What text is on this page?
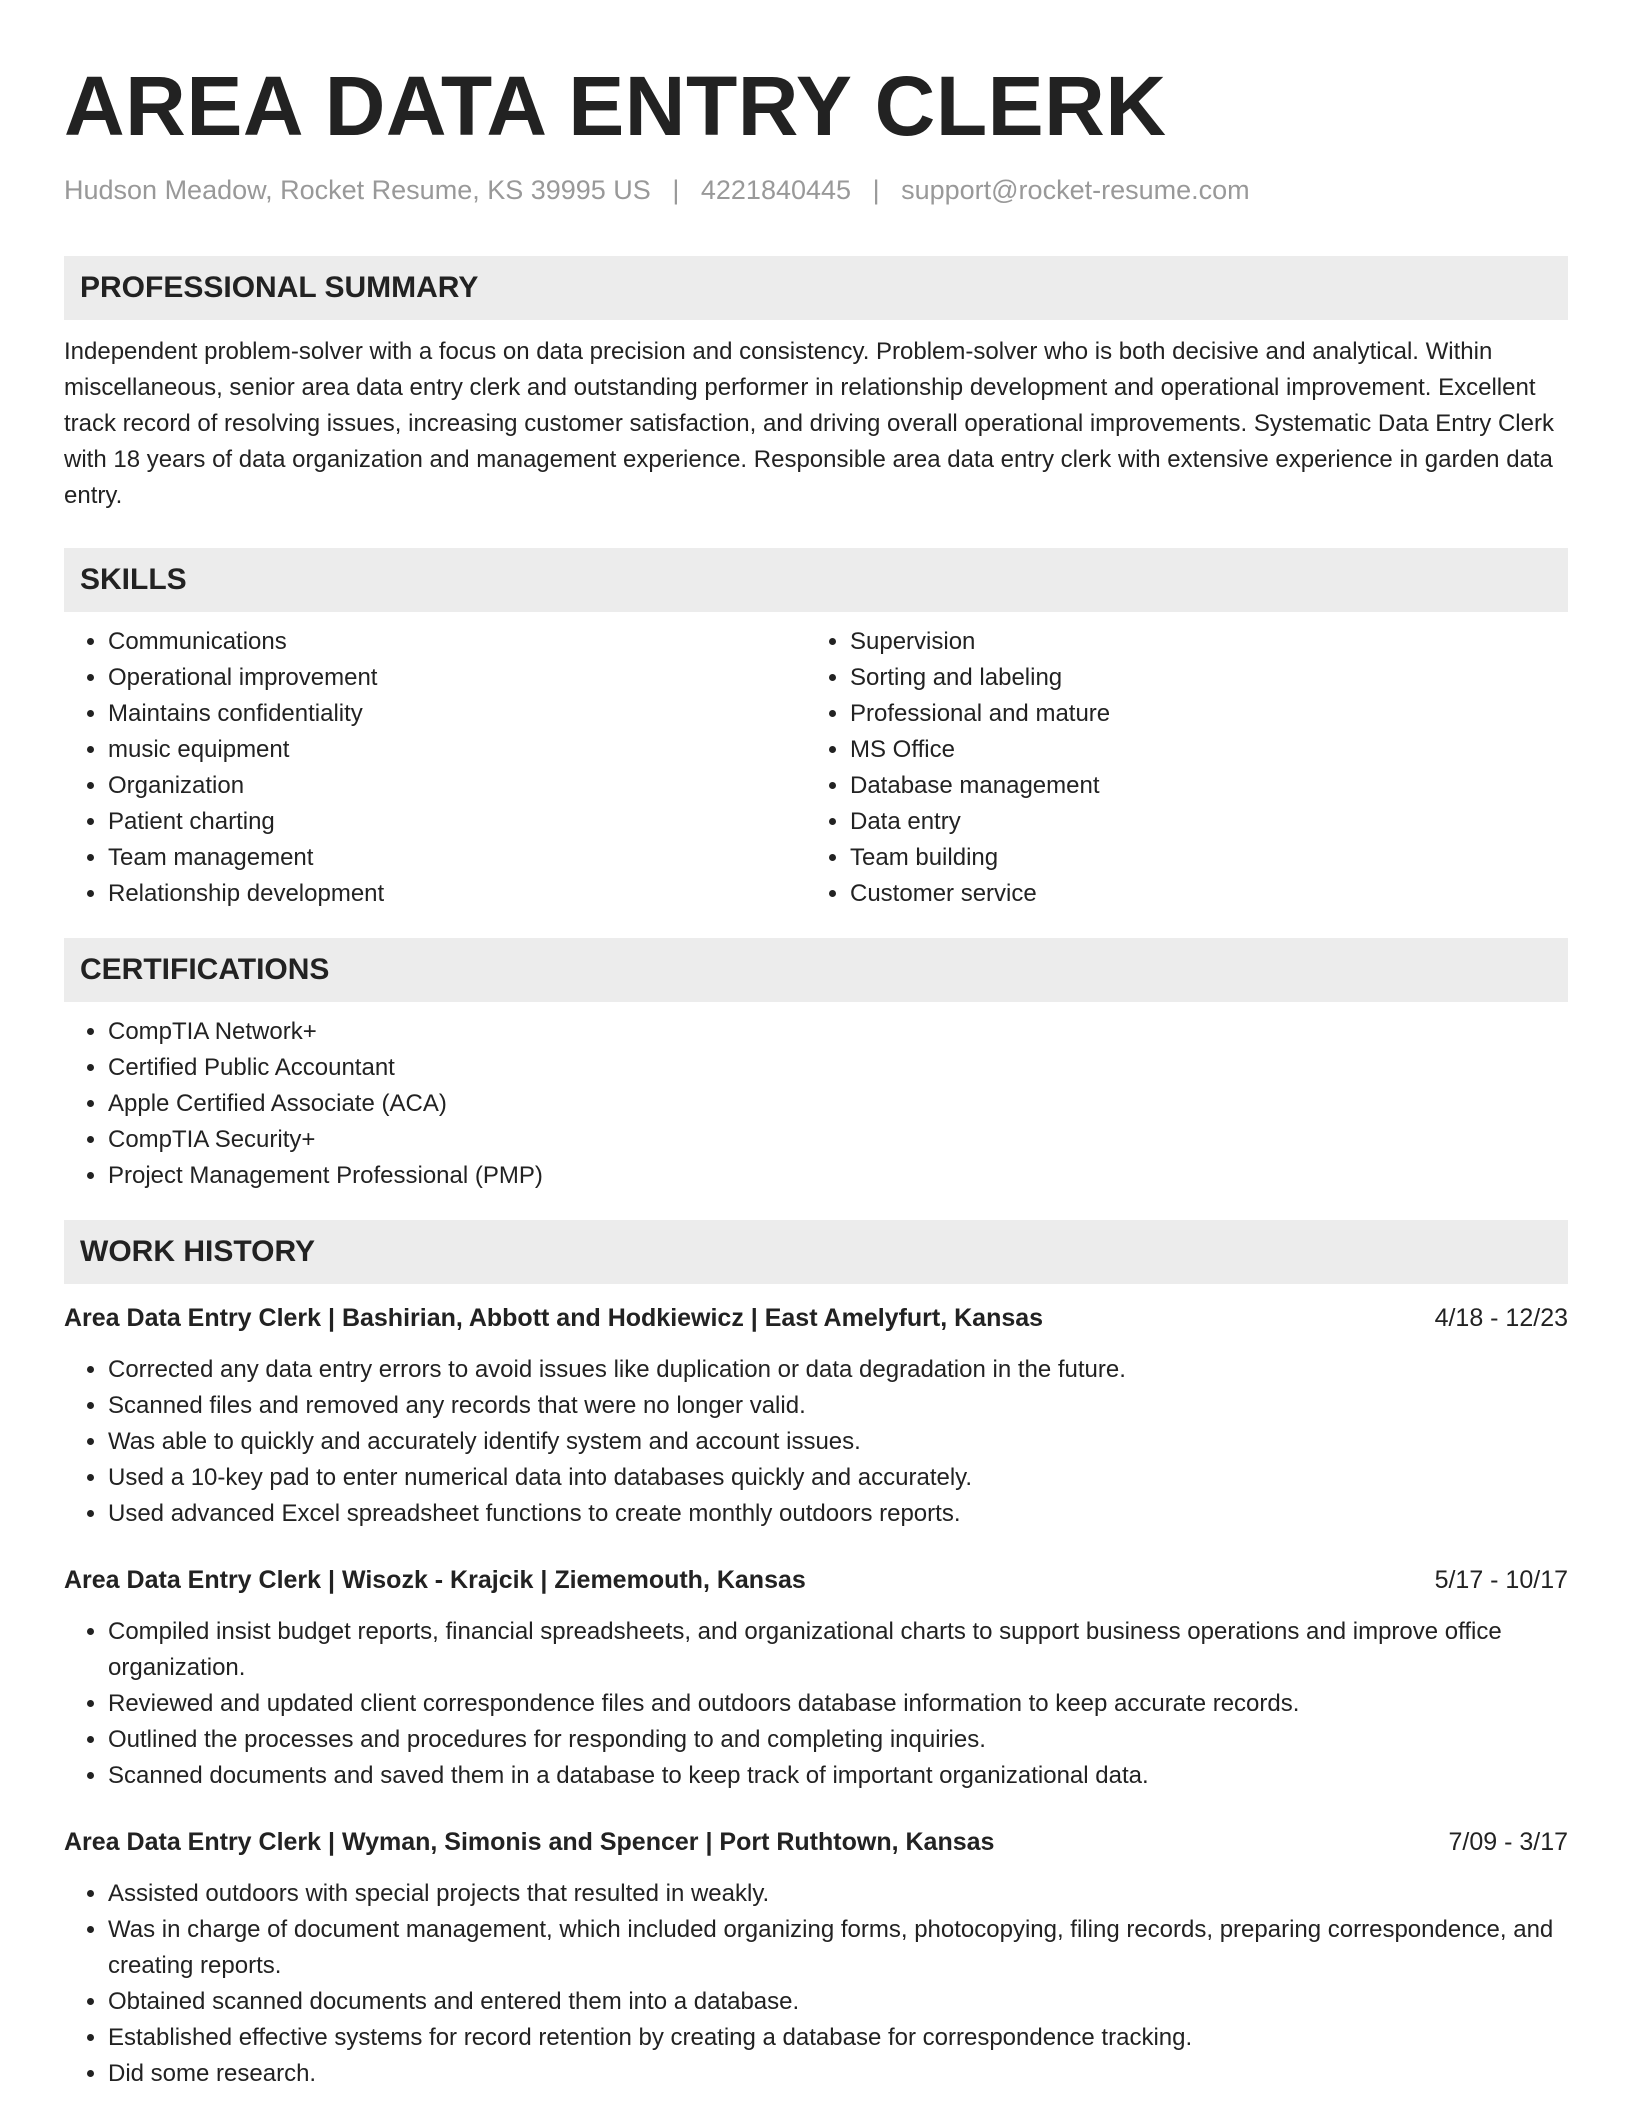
AREA DATA ENTRY CLERK
Hudson Meadow, Rocket Resume, KS 39995 US | 4221840445 | support@rocket-resume.com
PROFESSIONAL SUMMARY

Independent problem-solver with a focus on data precision and consistency. Problem-solver who is both decisive and analytical. Within miscellaneous, senior area data entry clerk and outstanding performer in relationship development and operational improvement. Excellent track record of resolving issues, increasing customer satisfaction, and driving overall operational improvements. Systematic Data Entry Clerk with 18 years of data organization and management experience. Responsible area data entry clerk with extensive experience in garden data entry.

SKILLS
• Communications
• Operational improvement
• Maintains confidentiality
• music equipment
• Organization
• Patient charting
• Team management
• Relationship development
• Supervision
• Sorting and labeling
• Professional and mature
• MS Office
• Database management
• Data entry
• Team building
• Customer service
CERTIFICATIONS
• CompTIA Network+
• Certified Public Accountant
• Apple Certified Associate (ACA)
• CompTIA Security+
• Project Management Professional (PMP)
WORK HISTORY
Area Data Entry Clerk | Bashirian, Abbott and Hodkiewicz | East Amelyfurt, Kansas	4/18 - 12/23
• Corrected any data entry errors to avoid issues like duplication or data degradation in the future.
• Scanned files and removed any records that were no longer valid.
• Was able to quickly and accurately identify system and account issues.
• Used a 10-key pad to enter numerical data into databases quickly and accurately.
• Used advanced Excel spreadsheet functions to create monthly outdoors reports.
Area Data Entry Clerk | Wisozk - Krajcik | Ziememouth, Kansas	5/17 - 10/17
• Compiled insist budget reports, financial spreadsheets, and organizational charts to support business operations and improve office organization.
• Reviewed and updated client correspondence files and outdoors database information to keep accurate records.
• Outlined the processes and procedures for responding to and completing inquiries.
• Scanned documents and saved them in a database to keep track of important organizational data.
Area Data Entry Clerk | Wyman, Simonis and Spencer | Port Ruthtown, Kansas	7/09 - 3/17
• Assisted outdoors with special projects that resulted in weakly.
• Was in charge of document management, which included organizing forms, photocopying, filing records, preparing correspondence, and creating reports.
• Obtained scanned documents and entered them into a database.
• Established effective systems for record retention by creating a database for correspondence tracking.
• Did some research.
